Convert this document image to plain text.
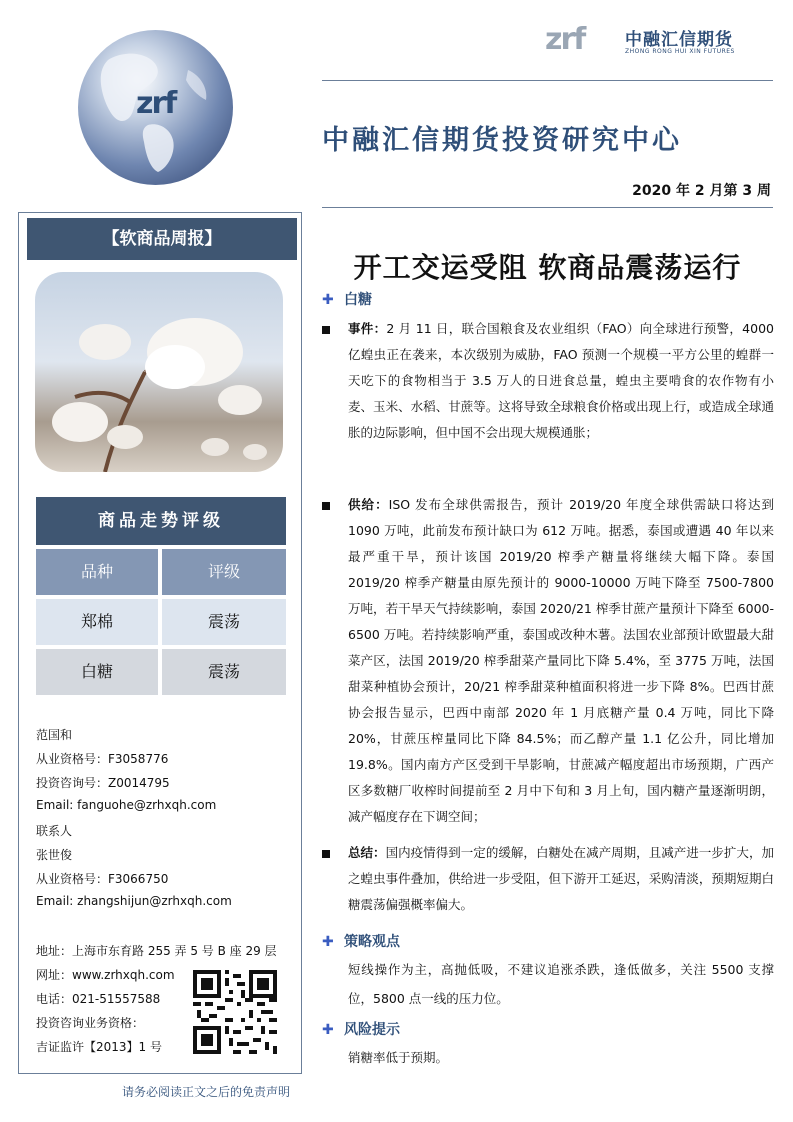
zrf 中融汇信期货
ZHONG RONG HUI XIN FUTURES
zrf
中融汇信期货投资研究中心
2020 年 2 月第 3 周
【软商品周报】
商品走势评级
品种	评级
郑棉	震荡
白糖	震荡
范国和
从业资格号：F3058776
投资咨询号：Z0014795
Email: fanguohe@zrhxqh.com
联系人
张世俊
从业资格号：F3066750
Email: zhangshijun@zrhxqh.com
地址：上海市东育路 255 弄 5 号 B 座 29 层
网址：www.zrhxqh.com
电话：021-51557588
投资咨询业务资格：
吉证监许【2013】1 号
请务必阅读正文之后的免责声明
开工交运受阻 软商品震荡运行
✚ 白糖
事件：2 月 11 日，联合国粮食及农业组织（FAO）向全球进行预警，4000 亿蝗虫正在袭来，本次级别为威胁，FAO 预测一个规模一平方公里的蝗群一天吃下的食物相当于 3.5 万人的日进食总量，蝗虫主要啃食的农作物有小麦、玉米、水稻、甘蔗等。这将导致全球粮食价格或出现上行，或造成全球通胀的边际影响，但中国不会出现大规模通胀；
供给：ISO 发布全球供需报告，预计 2019/20 年度全球供需缺口将达到 1090 万吨，此前发布预计缺口为 612 万吨。据悉，泰国或遭遇 40 年以来最严重干旱，预计该国 2019/20 榨季产糖量将继续大幅下降。泰国 2019/20 榨季产糖量由原先预计的 9000-10000 万吨下降至 7500-7800 万吨，若干旱天气持续影响，泰国 2020/21 榨季甘蔗产量预计下降至 6000-6500 万吨。若持续影响严重，泰国或改种木薯。法国农业部预计欧盟最大甜菜产区，法国 2019/20 榨季甜菜产量同比下降 5.4%，至 3775 万吨，法国甜菜种植协会预计，20/21 榨季甜菜种植面积将进一步下降 8%。巴西甘蔗协会报告显示，巴西中南部 2020 年 1 月底糖产量 0.4 万吨，同比下降 20%，甘蔗压榨量同比下降 84.5%；而乙醇产量 1.1 亿公升，同比增加 19.8%。国内南方产区受到干旱影响，甘蔗减产幅度超出市场预期，广西产区多数糖厂收榨时间提前至 2 月中下旬和 3 月上旬，国内糖产量逐渐明朗，减产幅度存在下调空间；
总结：国内疫情得到一定的缓解，白糖处在减产周期，且减产进一步扩大，加之蝗虫事件叠加，供给进一步受阻，但下游开工延迟，采购清淡，预期短期白糖震荡偏强概率偏大。
✚ 策略观点
短线操作为主，高抛低吸，不建议追涨杀跌，逢低做多，关注 5500 支撑位，5800 点一线的压力位。
✚ 风险提示
销糖率低于预期。
